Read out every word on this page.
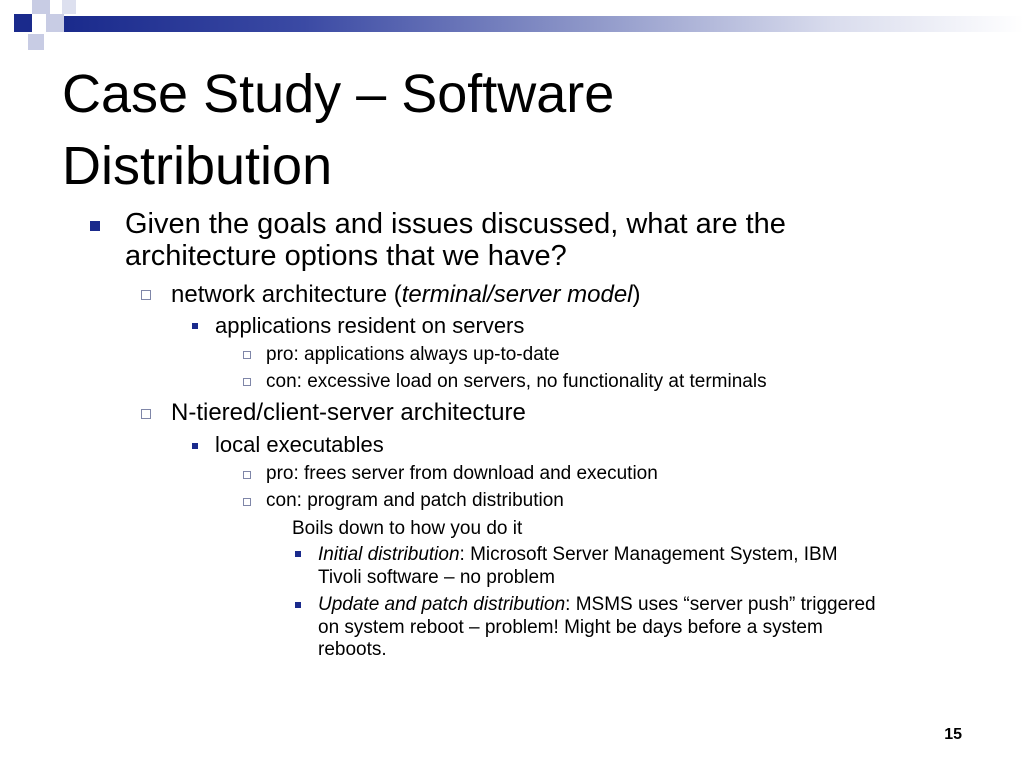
Case Study – Software
Distribution
Given the goals and issues discussed, what are the
architecture options that we have?
network architecture (terminal/server model)
applications resident on servers
pro: applications always up-to-date
con: excessive load on servers, no functionality at terminals
N-tiered/client-server architecture
local executables
pro: frees server from download and execution
con: program and patch distribution
Boils down to how you do it
Initial distribution: Microsoft Server Management System, IBM
Tivoli software – no problem
Update and patch distribution: MSMS uses “server push” triggered
on system reboot – problem! Might be days before a system
reboots.
15
